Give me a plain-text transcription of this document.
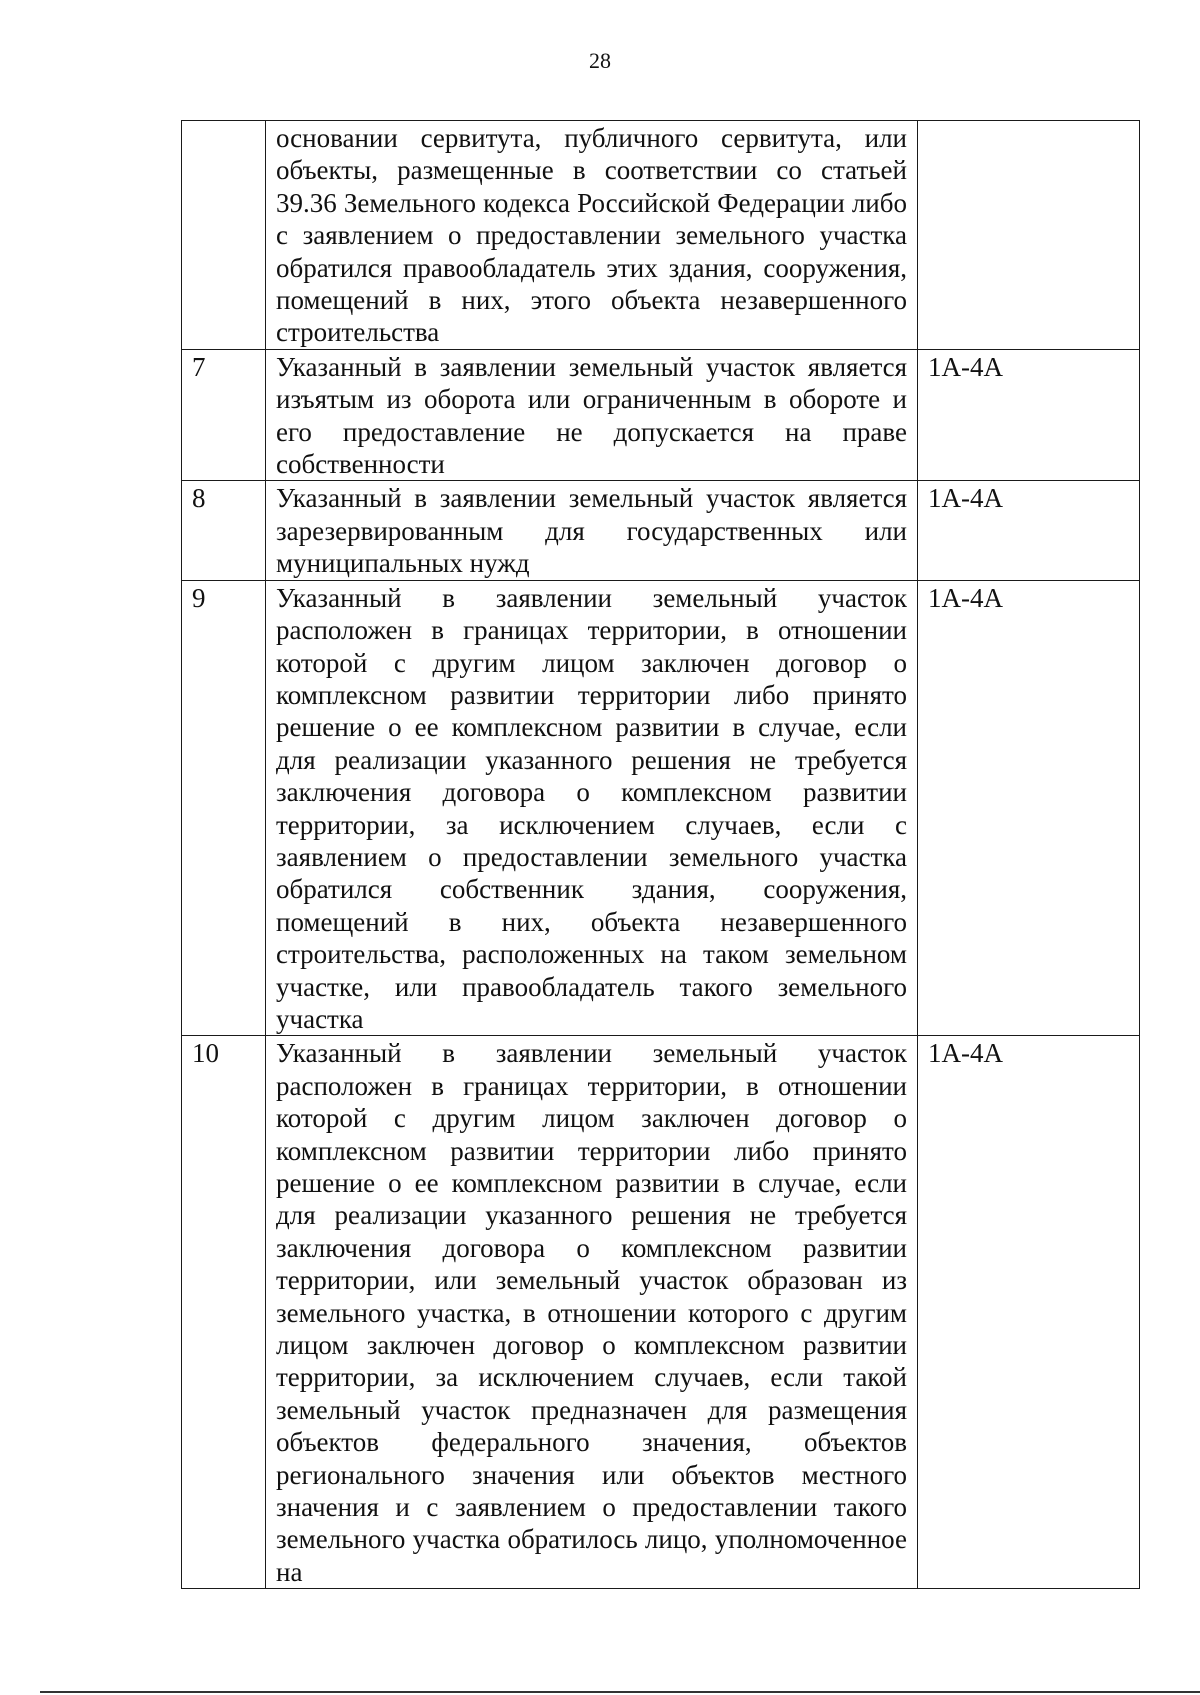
28
	основании сервитута, публичного сервитута, или объекты, размещенные в соответствии со статьей 39.36 Земельного кодекса Российской Федерации либо с заявлением о предоставлении земельного участка обратился правообладатель этих здания, сооружения, помещений в них, этого объекта незавершенного строительства	
7	Указанный в заявлении земельный участок является изъятым из оборота или ограниченным в обороте и его предоставление не допускается на праве собственности	1А-4А
8	Указанный в заявлении земельный участок является зарезервированным для государственных или муниципальных нужд	1А-4А
9	Указанный в заявлении земельный участок расположен в границах территории, в отношении которой с другим лицом заключен договор о комплексном развитии территории либо принято решение о ее комплексном развитии в случае, если для реализации указанного решения не требуется заключения договора о комплексном развитии территории, за исключением случаев, если с заявлением о предоставлении земельного участка обратился собственник здания, сооружения, помещений в них, объекта незавершенного строительства, расположенных на таком земельном участке, или правообладатель такого земельного участка	1А-4А
10	Указанный в заявлении земельный участок расположен в границах территории, в отношении которой с другим лицом заключен договор о комплексном развитии территории либо принято решение о ее комплексном развитии в случае, если для реализации указанного решения не требуется заключения договора о комплексном развитии территории, или земельный участок образован из земельного участка, в отношении которого с другим лицом заключен договор о комплексном развитии территории, за исключением случаев, если такой земельный участок предназначен для размещения объектов федерального значения, объектов регионального значения или объектов местного значения и с заявлением о предоставлении такого земельного участка обратилось лицо, уполномоченное на	1А-4А
